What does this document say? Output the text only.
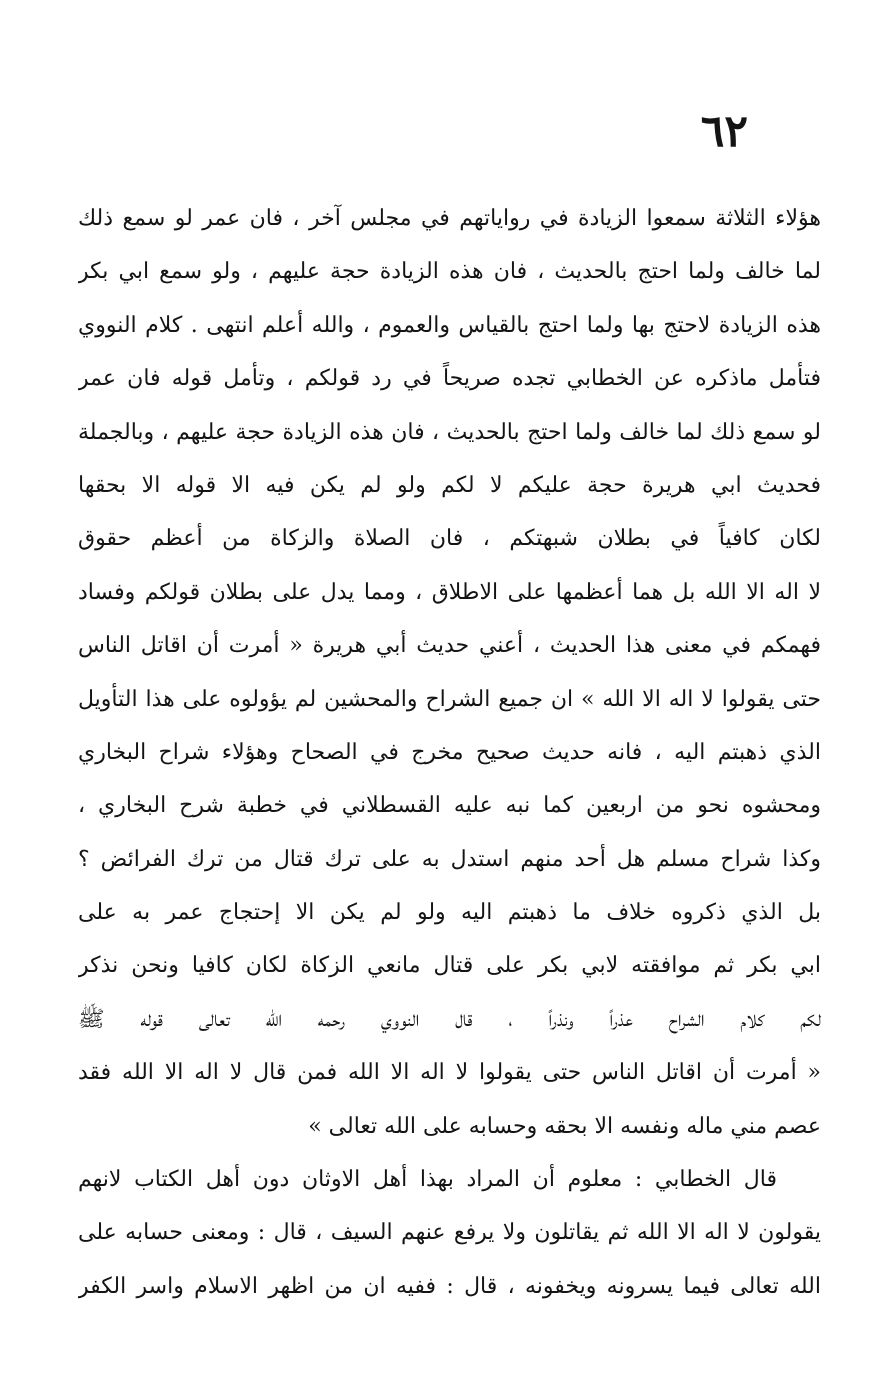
٦٢
هؤلاء الثلاثة سمعوا الزيادة في رواياتهم في مجلس آخر ، فان عمر لو سمع ذلك
لما خالف ولما احتج بالحديث ، فان هذه الزيادة حجة عليهم ، ولو سمع ابي بكر
هذه الزيادة لاحتج بها ولما احتج بالقياس والعموم ، والله أعلم انتهى . كلام النووي
فتأمل ماذكره عن الخطابي تجده صريحاً في رد قولكم ، وتأمل قوله فان عمر
لو سمع ذلك لما خالف ولما احتج بالحديث ، فان هذه الزيادة حجة عليهم ، وبالجملة
فحديث ابي هريرة حجة عليكم لا لكم ولو لم يكن فيه الا قوله الا بحقها
لكان كافياً في بطلان شبهتكم ، فان الصلاة والزكاة من أعظم حقوق
لا اله الا الله بل هما أعظمها على الاطلاق ، ومما يدل على بطلان قولكم وفساد
فهمكم في معنى هذا الحديث ، أعني حديث أبي هريرة « أمرت أن اقاتل الناس
حتى يقولوا لا اله الا الله » ان جميع الشراح والمحشين لم يؤولوه على هذا التأويل
الذي ذهبتم اليه ، فانه حديث صحيح مخرج في الصحاح وهؤلاء شراح البخاري
ومحشوه نحو من اربعين كما نبه عليه القسطلاني في خطبة شرح البخاري ،
وكذا شراح مسلم هل أحد منهم استدل به على ترك قتال من ترك الفرائض ؟
بل الذي ذكروه خلاف ما ذهبتم اليه ولو لم يكن الا إحتجاج عمر به على
ابي بكر ثم موافقته لابي بكر على قتال مانعي الزكاة لكان كافيا ونحن نذكر
لكم كلام الشراح عذراً ونذراً ، قال النووي رحمه الله تعالى قوله ﷺ
« أمرت أن اقاتل الناس حتى يقولوا لا اله الا الله فمن قال لا اله الا الله فقد
عصم مني ماله ونفسه الا بحقه وحسابه على الله تعالى »
قال الخطابي : معلوم أن المراد بهذا أهل الاوثان دون أهل الكتاب لانهم
يقولون لا اله الا الله ثم يقاتلون ولا يرفع عنهم السيف ، قال : ومعنى حسابه على
الله تعالى فيما يسرونه ويخفونه ، قال : ففيه ان من اظهر الاسلام واسر الكفر
